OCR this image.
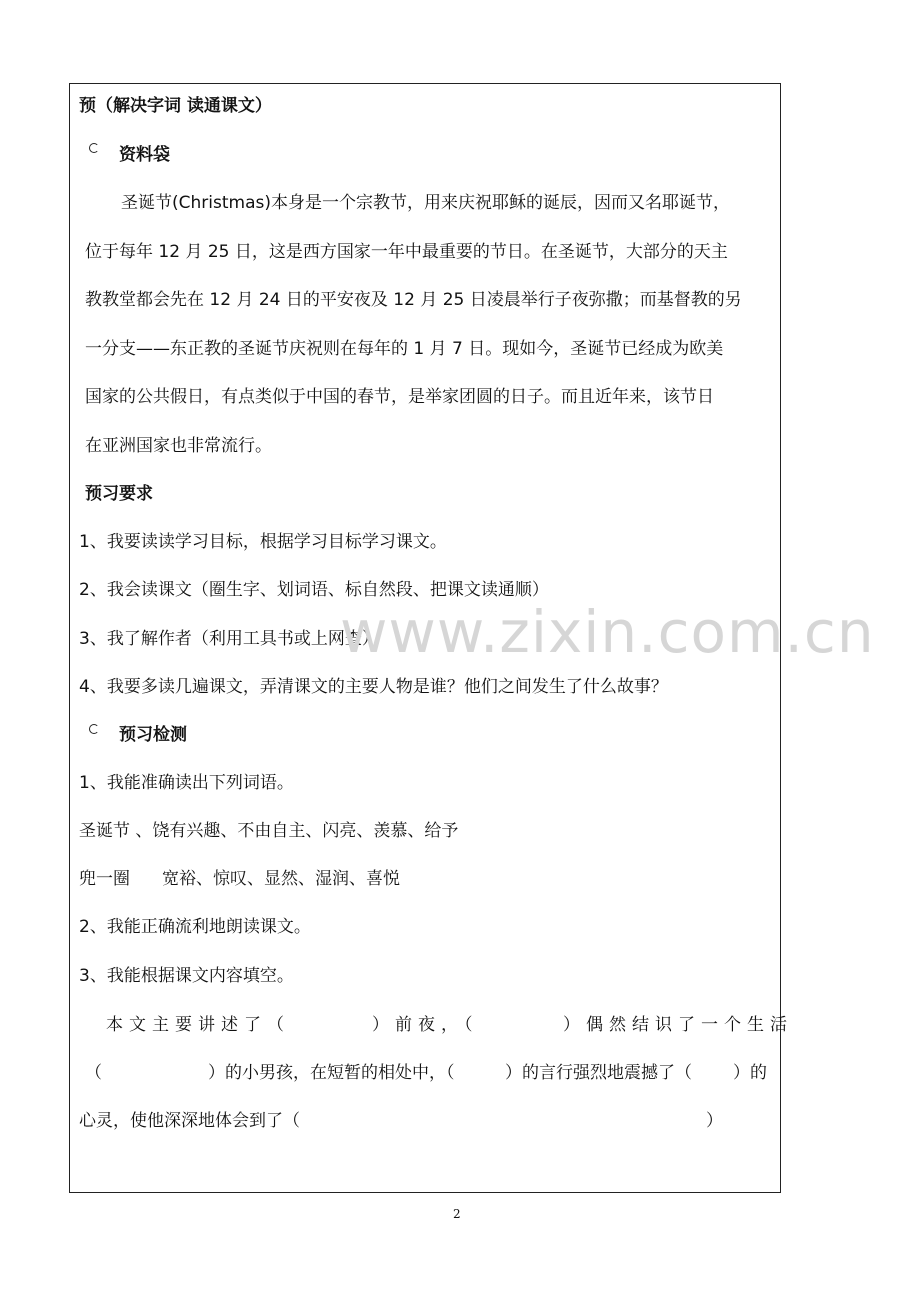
预（解决字词 读通课文）
资料袋
圣诞节(Christmas)本身是一个宗教节，用来庆祝耶稣的诞辰，因而又名耶诞节，
位于每年 12 月 25 日，这是西方国家一年中最重要的节日。在圣诞节，大部分的天主
教教堂都会先在 12 月 24 日的平安夜及 12 月 25 日凌晨举行子夜弥撒；而基督教的另
一分支——东正教的圣诞节庆祝则在每年的 1 月 7 日。现如今，圣诞节已经成为欧美
国家的公共假日，有点类似于中国的春节，是举家团圆的日子。而且近年来，该节日
在亚洲国家也非常流行。
预习要求
1、我要读读学习目标，根据学习目标学习课文。
2、我会读课文（圈生字、划词语、标自然段、把课文读通顺）
3、我了解作者（利用工具书或上网查）
4、我要多读几遍课文，弄清课文的主要人物是谁？他们之间发生了什么故事？
预习检测
1、我能准确读出下列词语。
圣诞节 、饶有兴趣、不由自主、闪亮、羡慕、给予
兜一圈 宽裕、惊叹、显然、湿润、喜悦
2、我能正确流利地朗读课文。
3、我能根据课文内容填空。
本文主要讲述了（	）前夜，（	）偶然结识了一个生活
（	）的小男孩，在短暂的相处中，（	）的言行强烈地震撼了（ ）的
心灵，使他深深地体会到了（	）
www.zixin.com.cn
2
